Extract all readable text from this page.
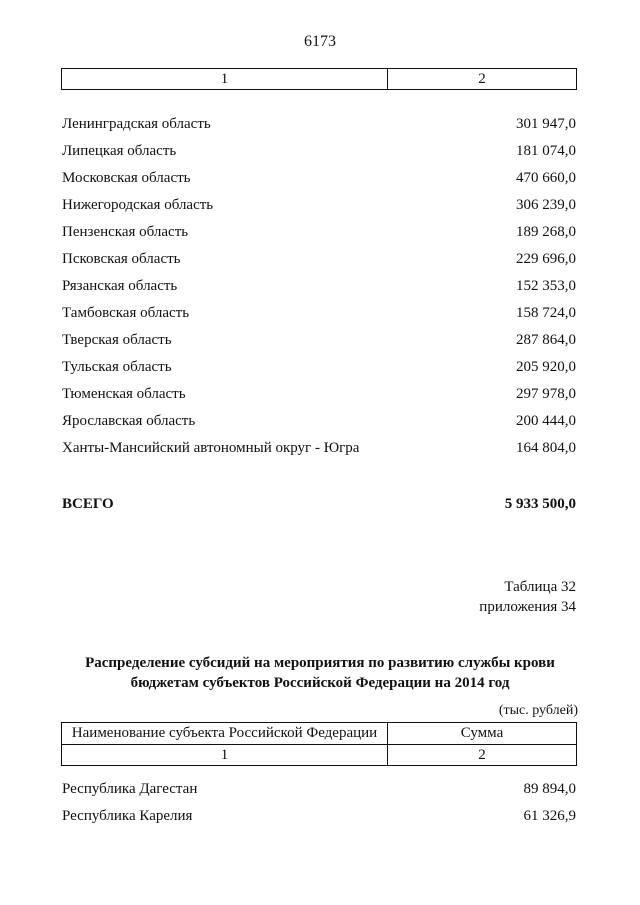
6173
1	2
Ленинградская область	301 947,0
Липецкая область	181 074,0
Московская область	470 660,0
Нижегородская область	306 239,0
Пензенская область	189 268,0
Псковская область	229 696,0
Рязанская область	152 353,0
Тамбовская область	158 724,0
Тверская область	287 864,0
Тульская область	205 920,0
Тюменская область	297 978,0
Ярославская область	200 444,0
Ханты-Мансийский автономный округ - Югра	164 804,0
ВСЕГО	5 933 500,0
Таблица 32
приложения 34
Распределение субсидий на мероприятия по развитию службы крови
бюджетам субъектов Российской Федерации на 2014 год
(тыс. рублей)
Наименование субъекта Российской Федерации	Сумма
1	2
Республика Дагестан	89 894,0
Республика Карелия	61 326,9
